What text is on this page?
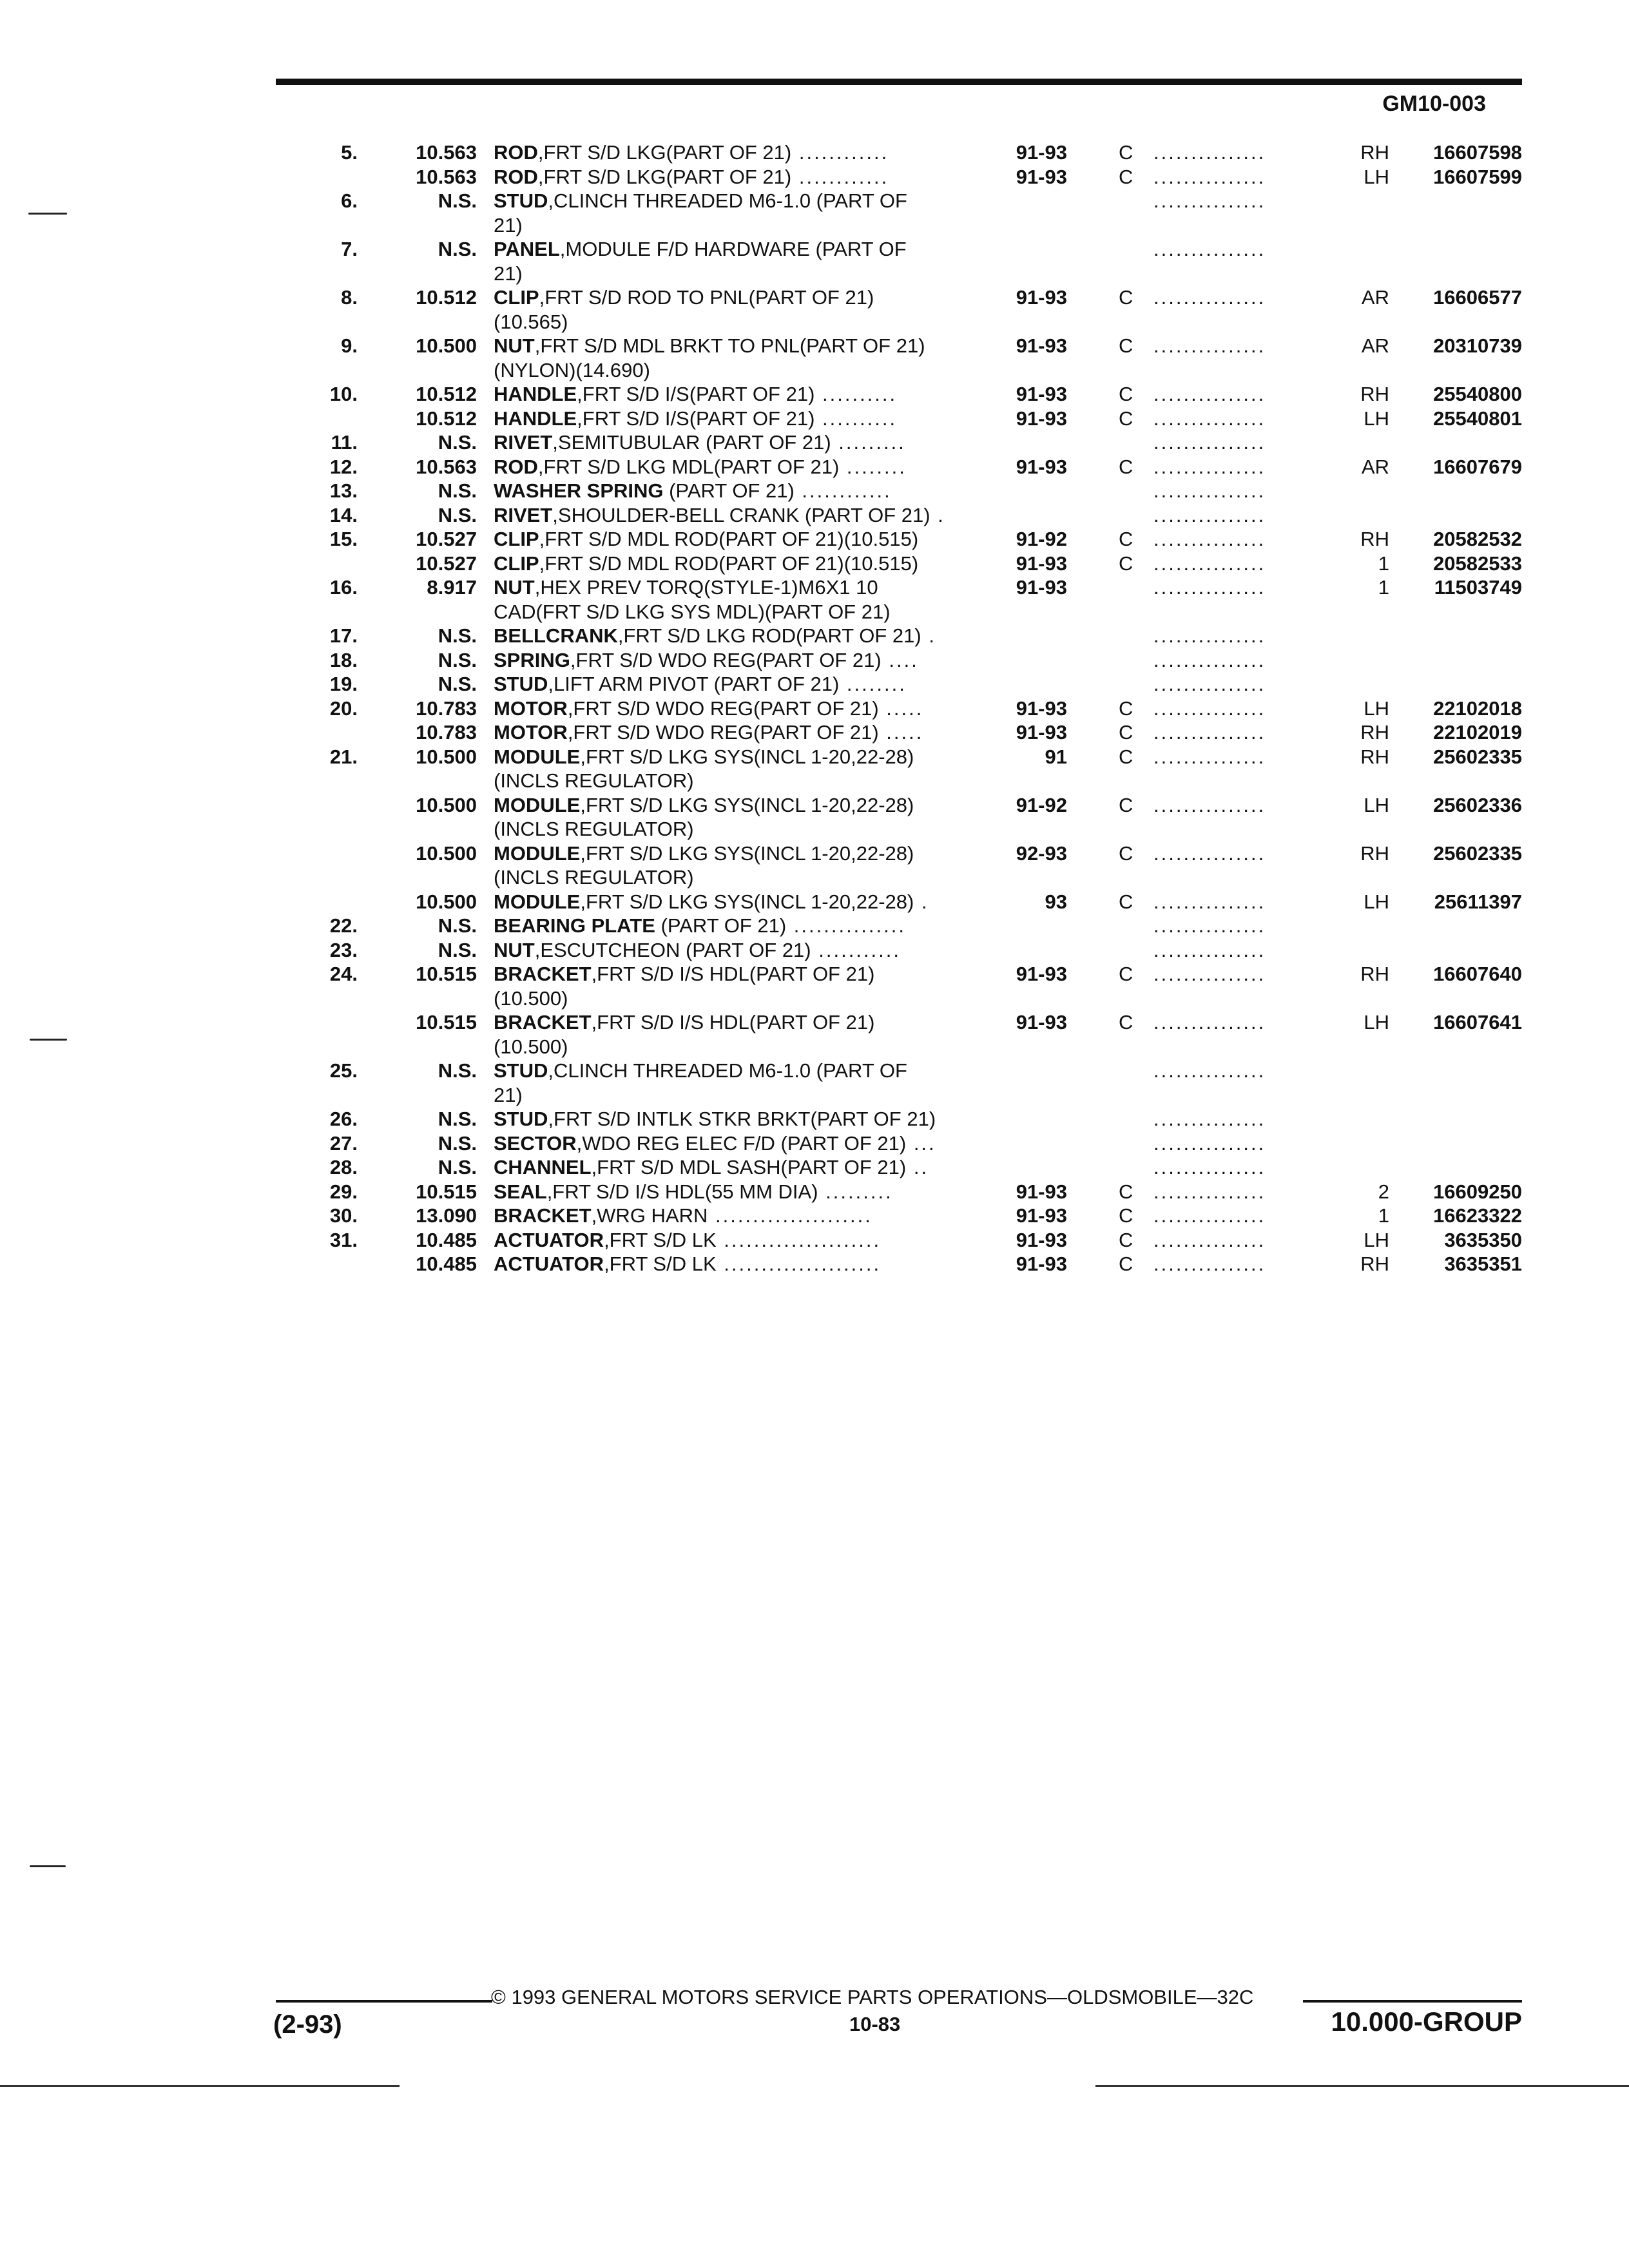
GM10-003
5.	10.563 ROD,FRT S/D LKG(PART OF 21) ............	91-93	C ...............	RH 16607598
10.563 ROD,FRT S/D LKG(PART OF 21) ............	91-93	C ...............	LH 16607599
6.	N.S. STUD,CLINCH THREADED M6-1.0 (PART OF	...............
21)
7.	N.S. PANEL,MODULE F/D HARDWARE (PART OF	...............
21)
8.	10.512 CLIP,FRT S/D ROD TO PNL(PART OF 21)	91-93	C ...............	AR 16606577
(10.565)
9.	10.500 NUT,FRT S/D MDL BRKT TO PNL(PART OF 21)	91-93	C ...............	AR 20310739
(NYLON)(14.690)
10.	10.512 HANDLE,FRT S/D I/S(PART OF 21) ..........	91-93	C ...............	RH 25540800
10.512 HANDLE,FRT S/D I/S(PART OF 21) ..........	91-93	C ...............	LH 25540801
11.	N.S. RIVET,SEMITUBULAR (PART OF 21) .........	...............
12.	10.563 ROD,FRT S/D LKG MDL(PART OF 21) ........	91-93	C ...............	AR 16607679
13.	N.S. WASHER SPRING (PART OF 21) ............	...............
14.	N.S. RIVET,SHOULDER-BELL CRANK (PART OF 21) .	...............
15.	10.527 CLIP,FRT S/D MDL ROD(PART OF 21)(10.515)	91-92	C ...............	RH 20582532
10.527 CLIP,FRT S/D MDL ROD(PART OF 21)(10.515)	91-93	C ...............	1 20582533
16.	8.917 NUT,HEX PREV TORQ(STYLE-1)M6X1 10	91-93	...............	1 11503749
CAD(FRT S/D LKG SYS MDL)(PART OF 21)
17.	N.S. BELLCRANK,FRT S/D LKG ROD(PART OF 21) .	...............
18.	N.S. SPRING,FRT S/D WDO REG(PART OF 21) ....	...............
19.	N.S. STUD,LIFT ARM PIVOT (PART OF 21) ........	...............
20.	10.783 MOTOR,FRT S/D WDO REG(PART OF 21) .....	91-93	C ...............	LH 22102018
10.783 MOTOR,FRT S/D WDO REG(PART OF 21) .....	91-93	C ...............	RH 22102019
21.	10.500 MODULE,FRT S/D LKG SYS(INCL 1-20,22-28)	91	C ...............	RH 25602335
(INCLS REGULATOR)
10.500 MODULE,FRT S/D LKG SYS(INCL 1-20,22-28)	91-92	C ...............	LH 25602336
(INCLS REGULATOR)
10.500 MODULE,FRT S/D LKG SYS(INCL 1-20,22-28)	92-93	C ...............	RH 25602335
(INCLS REGULATOR)
10.500 MODULE,FRT S/D LKG SYS(INCL 1-20,22-28) .	93	C ...............	LH 25611397
22.	N.S. BEARING PLATE (PART OF 21) ...............	...............
23.	N.S. NUT,ESCUTCHEON (PART OF 21) ...........	...............
24.	10.515 BRACKET,FRT S/D I/S HDL(PART OF 21)	91-93	C ...............	RH 16607640
(10.500)
10.515 BRACKET,FRT S/D I/S HDL(PART OF 21)	91-93	C ...............	LH 16607641
(10.500)
25.	N.S. STUD,CLINCH THREADED M6-1.0 (PART OF	...............
21)
26.	N.S. STUD,FRT S/D INTLK STKR BRKT(PART OF 21)	...............
27.	N.S. SECTOR,WDO REG ELEC F/D (PART OF 21) ...	...............
28.	N.S. CHANNEL,FRT S/D MDL SASH(PART OF 21) ..	...............
29.	10.515 SEAL,FRT S/D I/S HDL(55 MM DIA) .........	91-93	C ...............	2 16609250
30.	13.090 BRACKET,WRG HARN .....................	91-93	C ...............	1 16623322
31.	10.485 ACTUATOR,FRT S/D LK .....................	91-93	C ...............	LH	3635350
10.485 ACTUATOR,FRT S/D LK .....................	91-93	C ...............	RH	3635351
© 1993 GENERAL MOTORS SERVICE PARTS OPERATIONS—OLDSMOBILE—32C
(2-93)	10-83	10.000-GROUP
